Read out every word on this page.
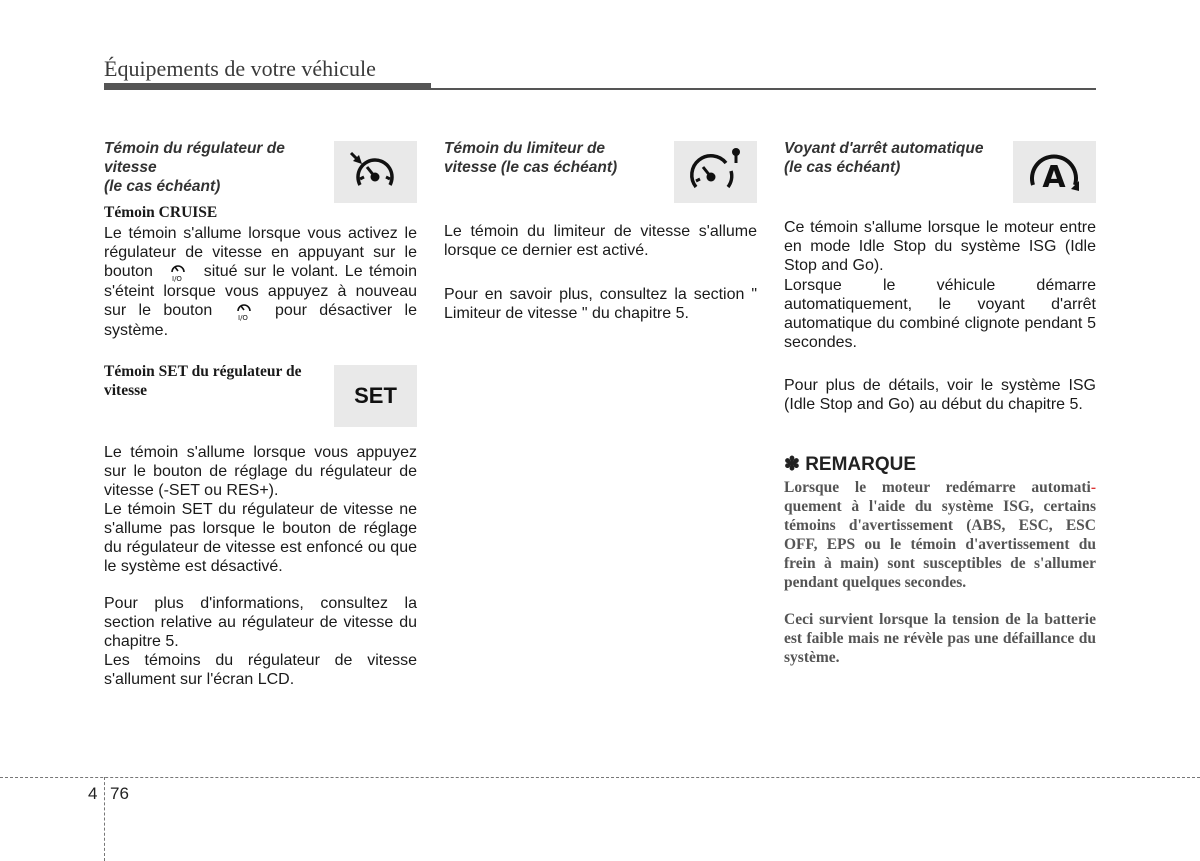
Équipements de votre véhicule
Témoin du régulateur de
vitesse
(le cas échéant)
Témoin CRUISE
Le témoin s'allume lorsque vous activez le régulateur de vitesse en appuyant sur le bouton	I/O situé sur le volant. Le témoin s'éteint lorsque vous appuyez à nouveau sur le bouton	I/O pour désactiver le système.
Témoin SET du régulateur de
vitesse	SET
Le témoin s'allume lorsque vous appuyez sur le bouton de réglage du régulateur de vitesse (-SET ou RES+).
Le témoin SET du régulateur de vitesse ne s'allume pas lorsque le bouton de réglage du régulateur de vitesse est enfoncé ou que le système est désactivé.
Pour plus d'informations, consultez la section relative au régulateur de vitesse du chapitre 5.
Les témoins du régulateur de vitesse s'allument sur l'écran LCD.
Témoin du limiteur de
vitesse (le cas échéant)
Le témoin du limiteur de vitesse s'allume lorsque ce dernier est activé.
Pour en savoir plus, consultez la section " Limiteur de vitesse " du chapitre 5.
Voyant d'arrêt automatique
(le cas échéant)	A
Ce témoin s'allume lorsque le moteur entre en mode Idle Stop du système ISG (Idle Stop and Go).
Lorsque le véhicule démarre automatiquement, le voyant d'arrêt automatique du combiné clignote pendant 5 secondes.
Pour plus de détails, voir le système ISG (Idle Stop and Go) au début du chapitre 5.
✽ REMARQUE
Lorsque le moteur redémarre automati- quement à l'aide du système ISG, certains témoins d'avertissement (ABS, ESC, ESC OFF, EPS ou le témoin d'avertissement du frein à main) sont susceptibles de s'allumer pendant quelques secondes.
Ceci survient lorsque la tension de la batterie est faible mais ne révèle pas une défaillance du système.
4 76
